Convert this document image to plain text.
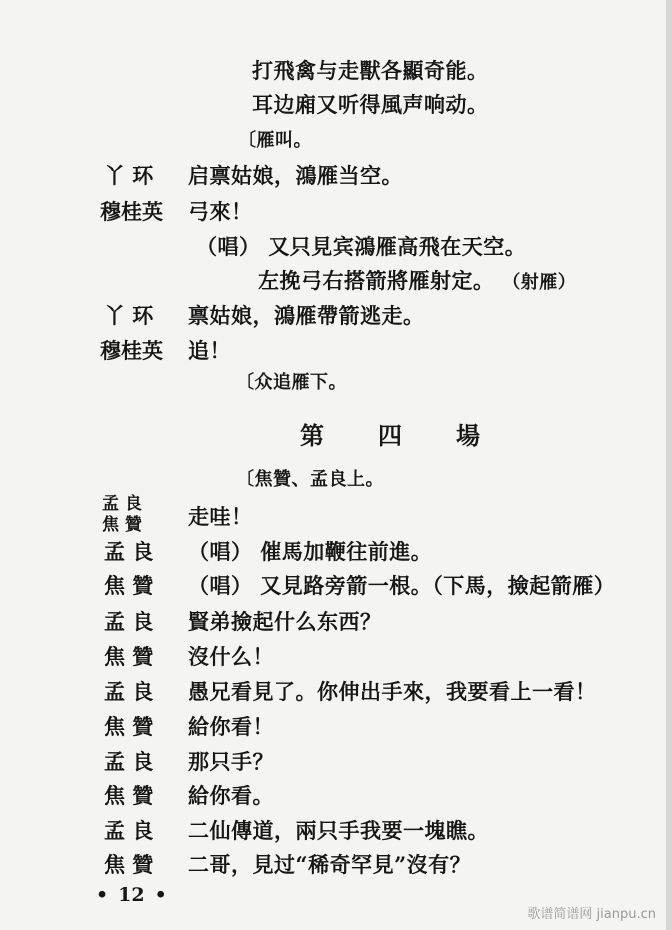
打飛禽与走獸各顯奇能。
耳边廂又听得風声响动。
〔雁叫。
丫 环 启禀姑娘，鴻雁当空。
穆桂英 弓來！
（唱） 又只見宾鴻雁高飛在天空。
左挽弓右搭箭將雁射定。 （射雁）
丫 环 禀姑娘，鴻雁帶箭逃走。
穆桂英 追！
〔众追雁下。
第 四 場
〔焦贊、孟良上。
孟 良
焦 贊 走哇！
孟 良 （唱） 催馬加鞭往前進。
焦 贊 （唱） 又見路旁箭一根。（下馬，撿起箭雁）
孟 良 賢弟撿起什么东西？
焦 贊 沒什么！
孟 良 愚兄看見了。你伸出手來，我要看上一看！
焦 贊 給你看！
孟 良 那只手？
焦 贊 給你看。
孟 良 二仙傳道，兩只手我要一塊瞧。
焦 贊 二哥，見过“稀奇罕見”沒有？
• 12 •
歌谱简谱网 jianpu.cn
